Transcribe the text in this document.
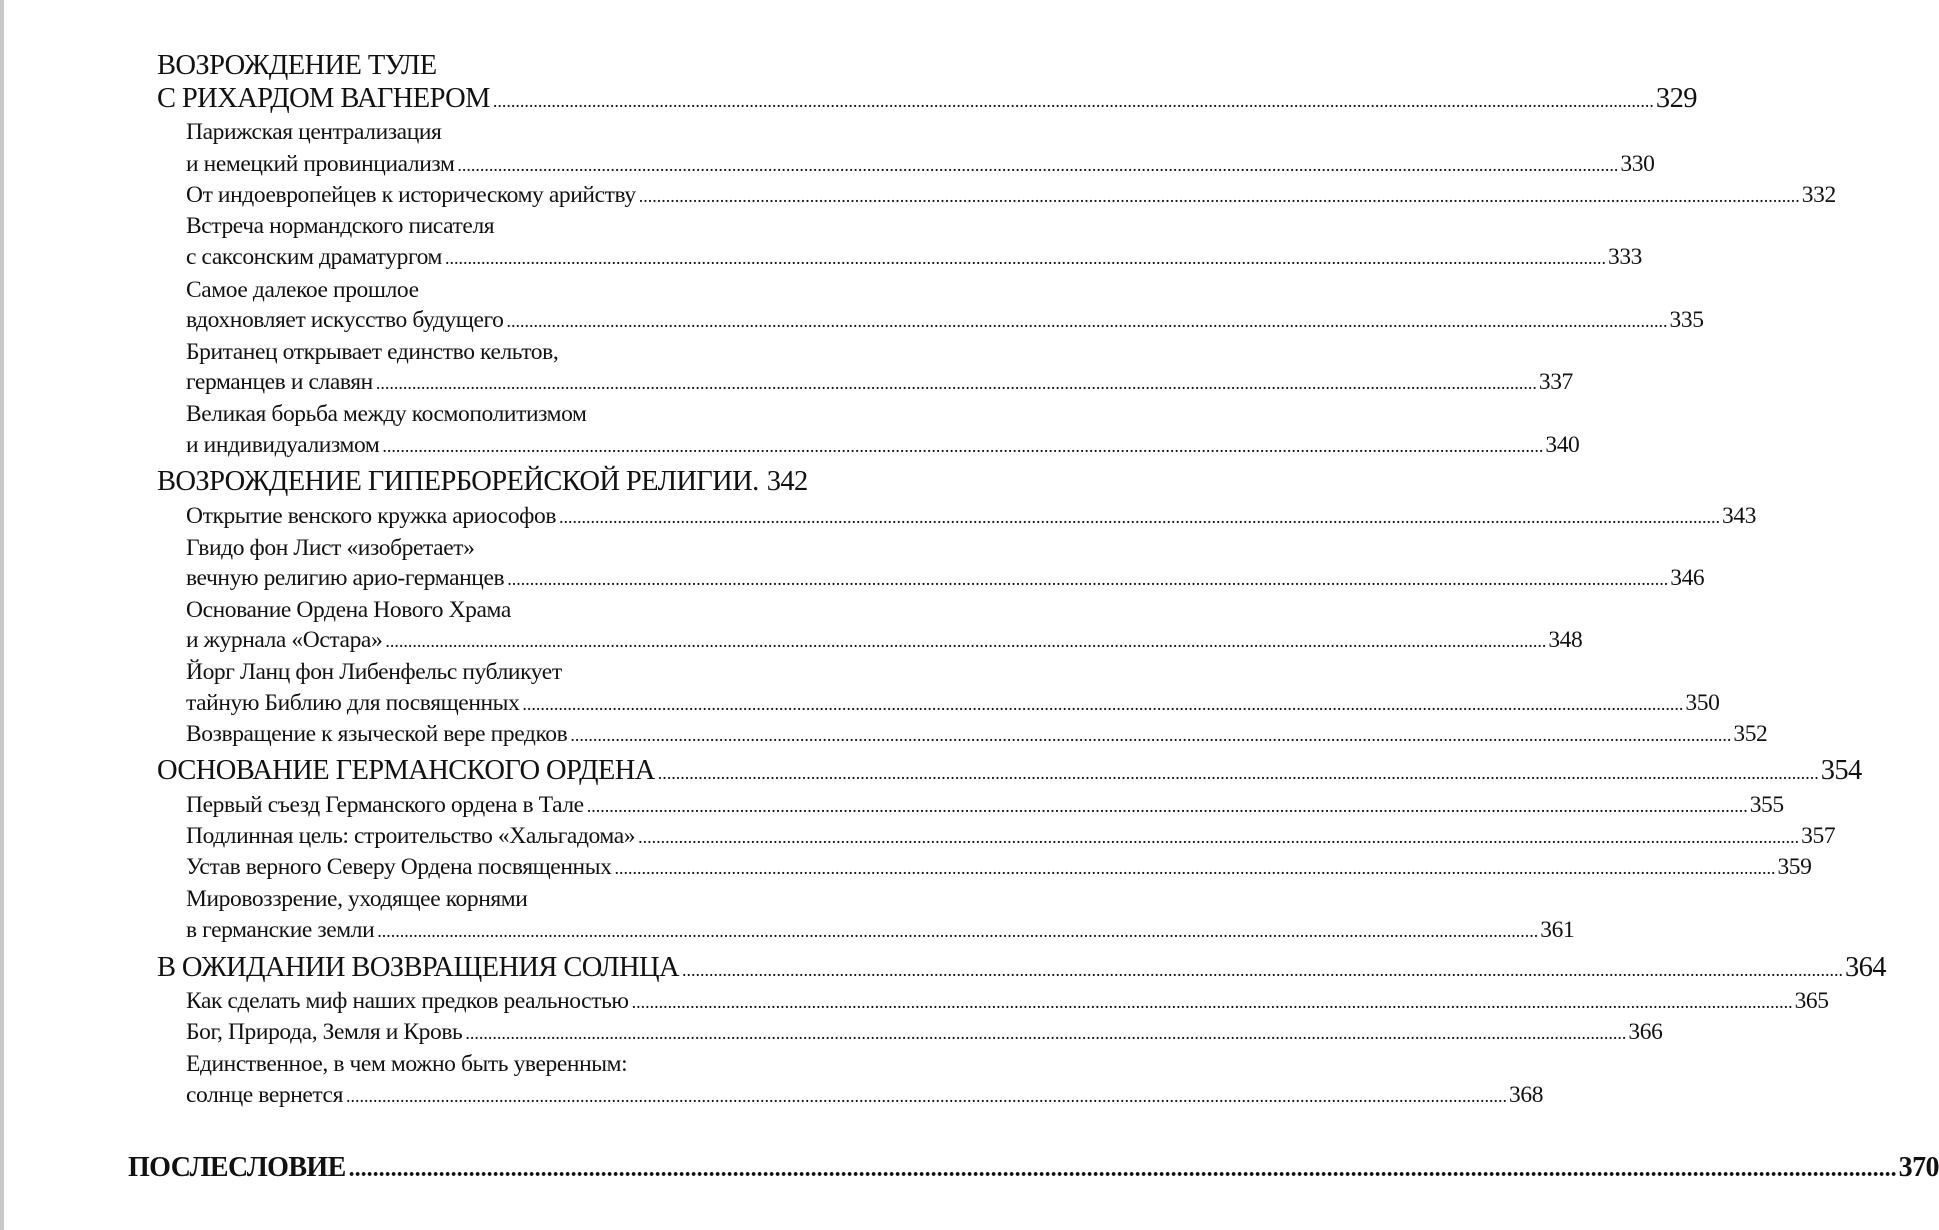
ВОЗРОЖДЕНИЕ ТУЛЕ
С РИХАРДОМ ВАГНЕРОМ .................................................................................................................................................................................................................................................................. 329
Парижская централизация
и немецкий провинциализм .................................................................................................................................................................................................................................................................. 330
От индоевропейцев к историческому арийству .................................................................................................................................................................................................................................................................. 332
Встреча нормандского писателя
с саксонским драматургом .................................................................................................................................................................................................................................................................. 333
Самое далекое прошлое
вдохновляет искусство будущего .................................................................................................................................................................................................................................................................. 335
Британец открывает единство кельтов,
германцев и славян .................................................................................................................................................................................................................................................................. 337
Великая борьба между космополитизмом
и индивидуализмом .................................................................................................................................................................................................................................................................. 340
ВОЗРОЖДЕНИЕ ГИПЕРБОРЕЙСКОЙ РЕЛИГИИ. 342
Открытие венского кружка ариософов .................................................................................................................................................................................................................................................................. 343
Гвидо фон Лист «изобретает»
вечную религию арио-германцев .................................................................................................................................................................................................................................................................. 346
Основание Ордена Нового Храма
и журнала «Остара» .................................................................................................................................................................................................................................................................. 348
Йорг Ланц фон Либенфельс публикует
тайную Библию для посвященных .................................................................................................................................................................................................................................................................. 350
Возвращение к языческой вере предков .................................................................................................................................................................................................................................................................. 352
ОСНОВАНИЕ ГЕРМАНСКОГО ОРДЕНА .................................................................................................................................................................................................................................................................. 354
Первый съезд Германского ордена в Тале .................................................................................................................................................................................................................................................................. 355
Подлинная цель: строительство «Хальгадома» .................................................................................................................................................................................................................................................................. 357
Устав верного Северу Ордена посвященных .................................................................................................................................................................................................................................................................. 359
Мировоззрение, уходящее корнями
в германские земли .................................................................................................................................................................................................................................................................. 361
В ОЖИДАНИИ ВОЗВРАЩЕНИЯ СОЛНЦА .................................................................................................................................................................................................................................................................. 364
Как сделать миф наших предков реальностью .................................................................................................................................................................................................................................................................. 365
Бог, Природа, Земля и Кровь .................................................................................................................................................................................................................................................................. 366
Единственное, в чем можно быть уверенным:
солнце вернется .................................................................................................................................................................................................................................................................. 368
ПОСЛЕСЛОВИЕ .................................................................................................................................................................................................................................................................. 370
